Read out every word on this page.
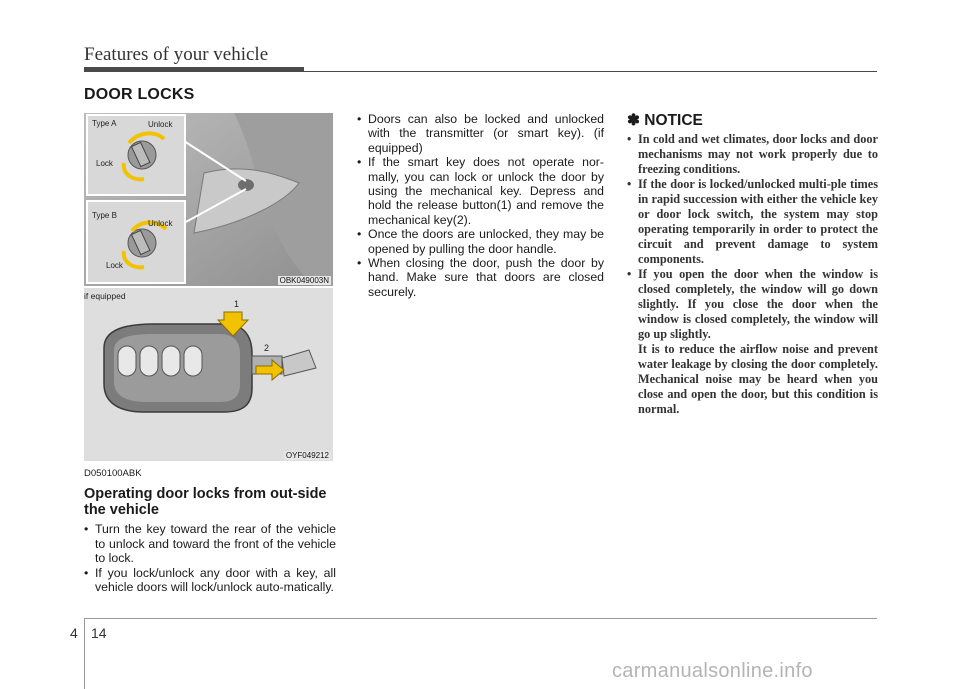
Features of your vehicle
DOOR LOCKS
Type A	Unlock
Lock
Type B
Unlock
Lock
OBK049003N
if equipped
1
2
OYF049212
D050100ABK
Operating door locks from out-side the vehicle
• Turn the key toward the rear of the vehicle to unlock and toward the front of the vehicle to lock.
• If you lock/unlock any door with a key, all vehicle doors will lock/unlock auto-matically.
• Doors can also be locked and unlocked with the transmitter (or smart key). (if equipped)
• If the smart key does not operate nor-mally, you can lock or unlock the door by using the mechanical key. Depress and hold the release button(1) and remove the mechanical key(2).
• Once the doors are unlocked, they may be opened by pulling the door handle.
• When closing the door, push the door by hand. Make sure that doors are closed securely.
✽ NOTICE
• In cold and wet climates, door locks and door mechanisms may not work properly due to freezing conditions.
• If the door is locked/unlocked multi-ple times in rapid succession with either the vehicle key or door lock switch, the system may stop operating temporarily in order to protect the circuit and prevent damage to system components.

• If you open the door when the window is closed completely, the window will go down slightly. If you close the door when the window is closed completely, the window will go up slightly.

It is to reduce the airflow noise and prevent water leakage by closing the door completely. Mechanical noise may be heard when you close and open the door, but this condition is normal.

4 14
carmanualsonline.info
